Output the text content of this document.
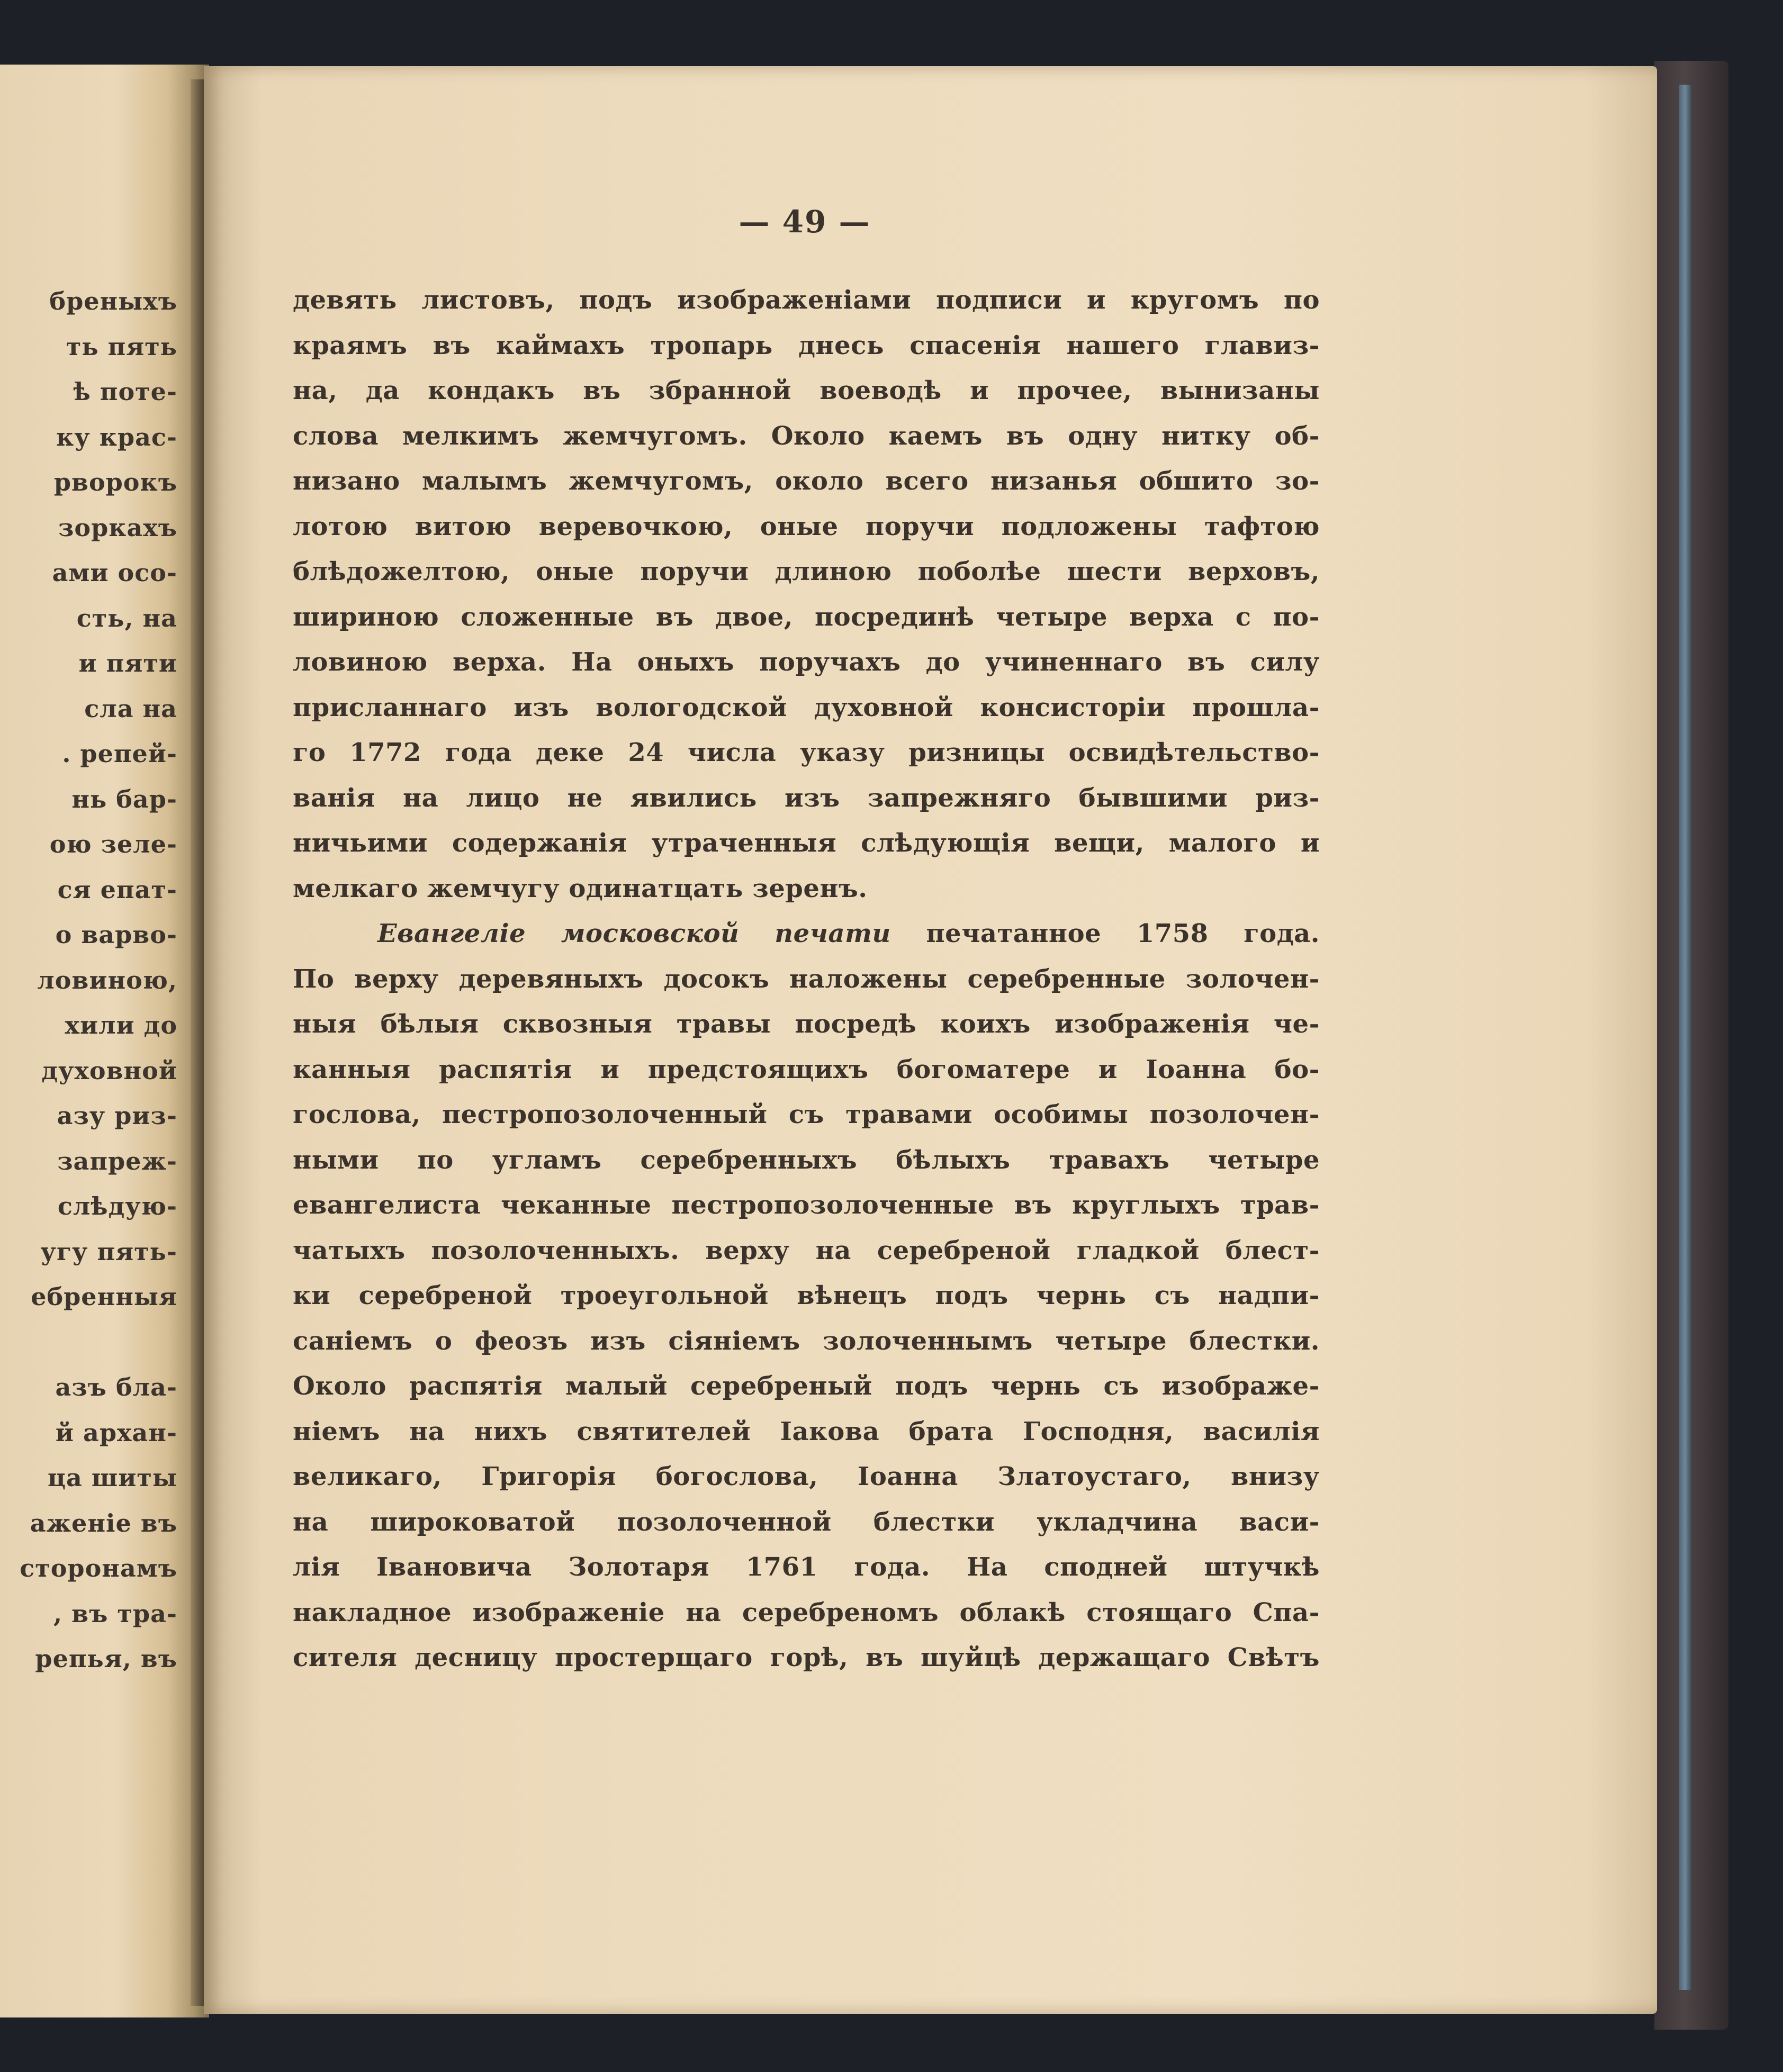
бреныхъ
ть пять
ѣ поте-
ку крас-
рворокъ
зоркахъ
ами осо-
сть, на
и пяти
сла на
. репей-
нь бар-
ою зеле-
ся епат-
о варво-
ловиною,
хили до
духовной
азу риз-
запреж-
слѣдую-
угу пять-
ебренныя
азъ бла-
й архан-
ца шиты
аженіе въ
сторонамъ
, въ тра-
репья, въ
— 49 —
девять листовъ, подъ изображеніами подписи и кругомъ по
краямъ въ каймахъ тропарь днесь спасенія нашего главиз-
на, да кондакъ въ збранной воеводѣ и прочее, вынизаны
слова мелкимъ жемчугомъ. Около каемъ въ одну нитку об-
низано малымъ жемчугомъ, около всего низанья обшито зо-
лотою витою веревочкою, оные поручи подложены тафтою
блѣдожелтою, оные поручи длиною поболѣе шести верховъ,
шириною сложенные въ двое, посрединѣ четыре верха с по-
ловиною верха. На оныхъ поручахъ до учиненнаго въ силу
присланнаго изъ вологодской духовной консисторіи прошла-
го 1772 года деке 24 числа указу ризницы освидѣтельство-
ванія на лицо не явились изъ запрежняго бывшими риз-
ничьими содержанія утраченныя слѣдующія вещи, малого и
мелкаго жемчугу одинатцать зеренъ.
Евангеліе московской печати печатанное 1758 года.
По верху деревяныхъ досокъ наложены серебренные золочен-
ныя бѣлыя сквозныя травы посредѣ коихъ изображенія че-
канныя распятія и предстоящихъ богоматере и Іоанна бо-
гослова, пестропозолоченный съ травами особимы позолочен-
ными по угламъ серебренныхъ бѣлыхъ травахъ четыре
евангелиста чеканные пестропозолоченные въ круглыхъ трав-
чатыхъ позолоченныхъ. верху на серебреной гладкой блест-
ки серебреной троеугольной вѣнецъ подъ чернь съ надпи-
саніемъ о феозъ изъ сіяніемъ золоченнымъ четыре блестки.
Около распятія малый серебреный подъ чернь съ изображе-
ніемъ на нихъ святителей Іакова брата Господня, василія
великаго, Григорія богослова, Іоанна Златоустаго, внизу
на широковатой позолоченной блестки укладчина васи-
лія Івановича Золотаря 1761 года. На сподней штучкѣ
накладное изображеніе на серебреномъ облакѣ стоящаго Спа-
сителя десницу простерщаго горѣ, въ шуйцѣ держащаго Свѣтъ
